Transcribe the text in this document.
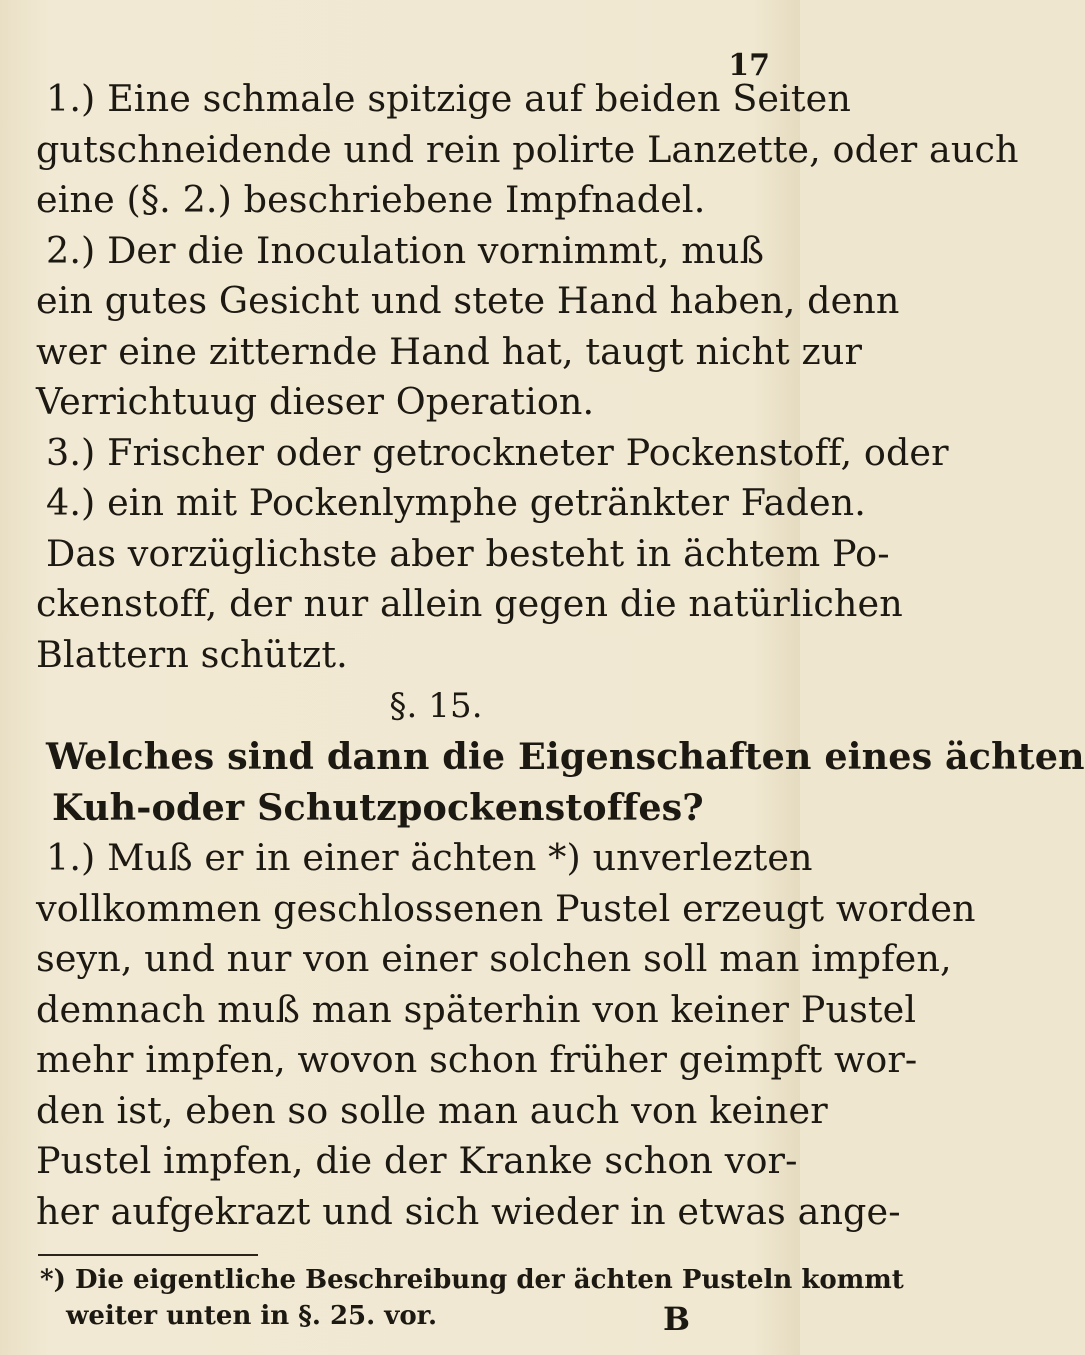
17
1.) Eine schmale spitzige auf beiden Seiten
gutschneidende und rein polirte Lanzette, oder auch
eine (§. 2.) beschriebene Impfnadel.
2.) Der die Inoculation vornimmt, muß
ein gutes Gesicht und stete Hand haben, denn
wer eine zitternde Hand hat, taugt nicht zur
Verrichtuug dieser Operation.
3.) Frischer oder getrockneter Pockenstoff, oder
4.) ein mit Pockenlymphe getränkter Faden.
Das vorzüglichste aber besteht in ächtem Po-
ckenstoff, der nur allein gegen die natürlichen
Blattern schützt.
§. 15.
Welches sind dann die Eigenschaften eines ächten
Kuh-oder Schutzpockenstoffes?
1.) Muß er in einer ächten *) unverlezten
vollkommen geschlossenen Pustel erzeugt worden
seyn, und nur von einer solchen soll man impfen,
demnach muß man späterhin von keiner Pustel
mehr impfen, wovon schon früher geimpft wor-
den ist, eben so solle man auch von keiner
Pustel impfen, die der Kranke schon vor-
her aufgekrazt und sich wieder in etwas ange-
*) Die eigentliche Beschreibung der ächten Pusteln kommt
weiter unten in §. 25. vor.	B
